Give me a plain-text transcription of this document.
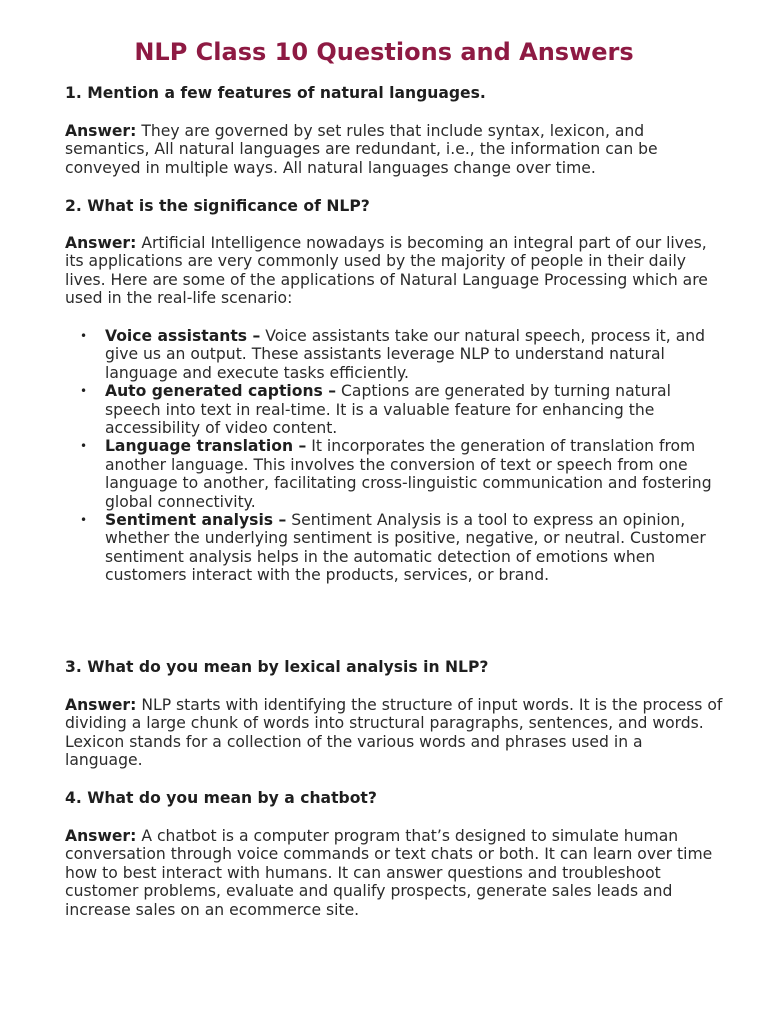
NLP Class 10 Questions and Answers

1. Mention a few features of natural languages.

Answer: They are governed by set rules that include syntax, lexicon, and semantics, All natural languages are redundant, i.e., the information can be conveyed in multiple ways. All natural languages change over time.

2. What is the significance of NLP?

Answer: Artificial Intelligence nowadays is becoming an integral part of our lives, its applications are very commonly used by the majority of people in their daily lives. Here are some of the applications of Natural Language Processing which are used in the real-life scenario:

• Voice assistants – Voice assistants take our natural speech, process it, and give us an output. These assistants leverage NLP to understand natural language and execute tasks efficiently.
• Auto generated captions – Captions are generated by turning natural speech into text in real-time. It is a valuable feature for enhancing the accessibility of video content.
• Language translation – It incorporates the generation of translation from another language. This involves the conversion of text or speech from one language to another, facilitating cross-linguistic communication and fostering global connectivity.
• Sentiment analysis – Sentiment Analysis is a tool to express an opinion, whether the underlying sentiment is positive, negative, or neutral. Customer sentiment analysis helps in the automatic detection of emotions when customers interact with the products, services, or brand.

3. What do you mean by lexical analysis in NLP?

Answer: NLP starts with identifying the structure of input words. It is the process of dividing a large chunk of words into structural paragraphs, sentences, and words. Lexicon stands for a collection of the various words and phrases used in a language.

4. What do you mean by a chatbot?

Answer: A chatbot is a computer program that’s designed to simulate human conversation through voice commands or text chats or both. It can learn over time how to best interact with humans. It can answer questions and troubleshoot customer problems, evaluate and qualify prospects, generate sales leads and increase sales on an ecommerce site.
